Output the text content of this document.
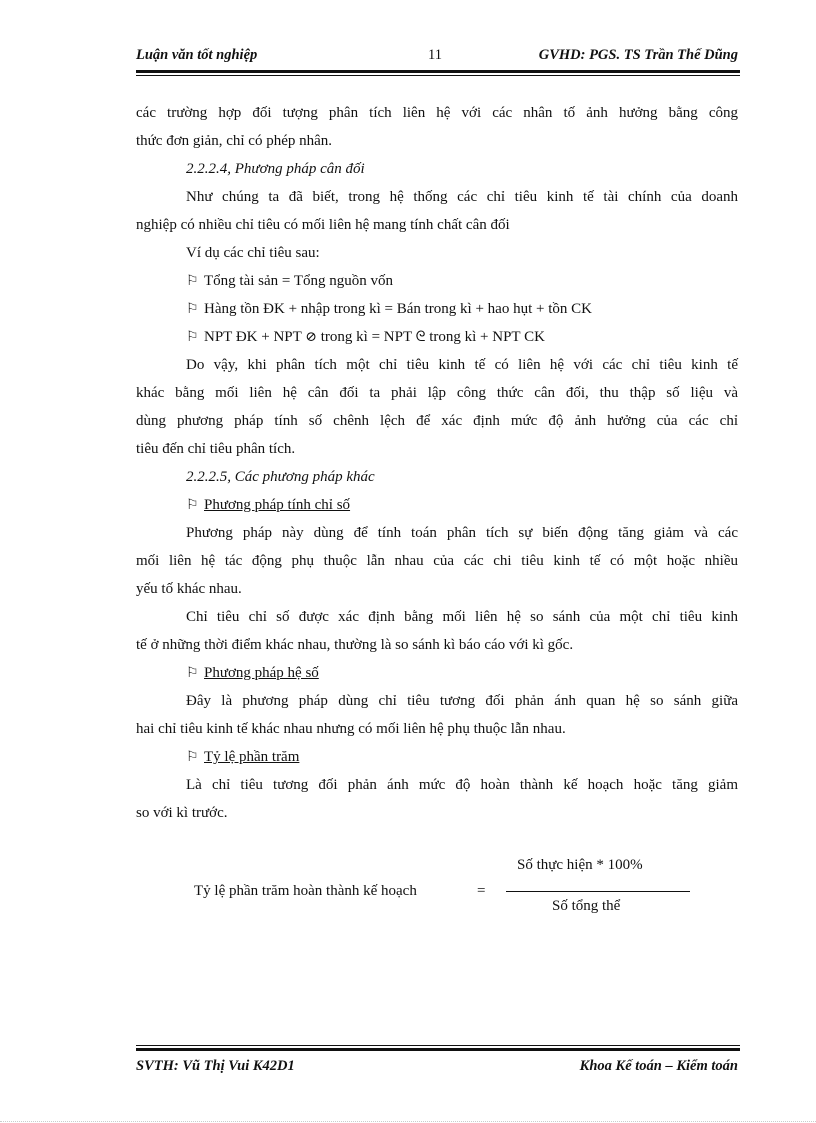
Luận văn tốt nghiệp	11	GVHD: PGS. TS Trần Thế Dũng
các trường hợp đối tượng phân tích liên hệ với các nhân tố ảnh hưởng bằng công
thức đơn giản, chỉ có phép nhân.
2.2.2.4, Phương pháp cân đối
Như chúng ta đã biết, trong hệ thống các chỉ tiêu kinh tế tài chính của doanh
nghiệp có nhiều chỉ tiêu có mối liên hệ mang tính chất cân đối
Ví dụ các chỉ tiêu sau:
⚐ Tổng tài sản = Tổng nguồn vốn
⚐ Hàng tồn ĐK + nhập trong kì = Bán trong kì + hao hụt + tồn CK
⚐ NPT ĐK + NPT ⊘ trong kì = NPT ᘓ trong kì + NPT CK
Do vậy, khi phân tích một chỉ tiêu kinh tế có liên hệ với các chỉ tiêu kinh tế
khác bằng mối liên hệ cân đối ta phải lập công thức cân đối, thu thập số liệu và
dùng phương pháp tính số chênh lệch để xác định mức độ ảnh hưởng của các chỉ
tiêu đến chỉ tiêu phân tích.
2.2.2.5, Các phương pháp khác
⚐ Phương pháp tính chỉ số
Phương pháp này dùng để tính toán phân tích sự biến động tăng giảm và các
mối liên hệ tác động phụ thuộc lẫn nhau của các chi tiêu kinh tế có một hoặc nhiều
yếu tố khác nhau.
Chỉ tiêu chỉ số được xác định bằng mối liên hệ so sánh của một chỉ tiêu kinh
tế ở những thời điểm khác nhau, thường là so sánh kì báo cáo với kì gốc.
⚐ Phương pháp hệ số
Đây là phương pháp dùng chỉ tiêu tương đối phản ánh quan hệ so sánh giữa
hai chỉ tiêu kinh tế khác nhau nhưng có mối liên hệ phụ thuộc lẫn nhau.
⚐ Tỷ lệ phần trăm
Là chỉ tiêu tương đối phản ánh mức độ hoàn thành kế hoạch hoặc tăng giảm
so với kì trước.
Tỷ lệ phần trăm hoàn thành kế hoạch	=
Số thực hiện * 100%
Số tổng thể
SVTH: Vũ Thị Vui K42D1	Khoa Kế toán – Kiểm toán
